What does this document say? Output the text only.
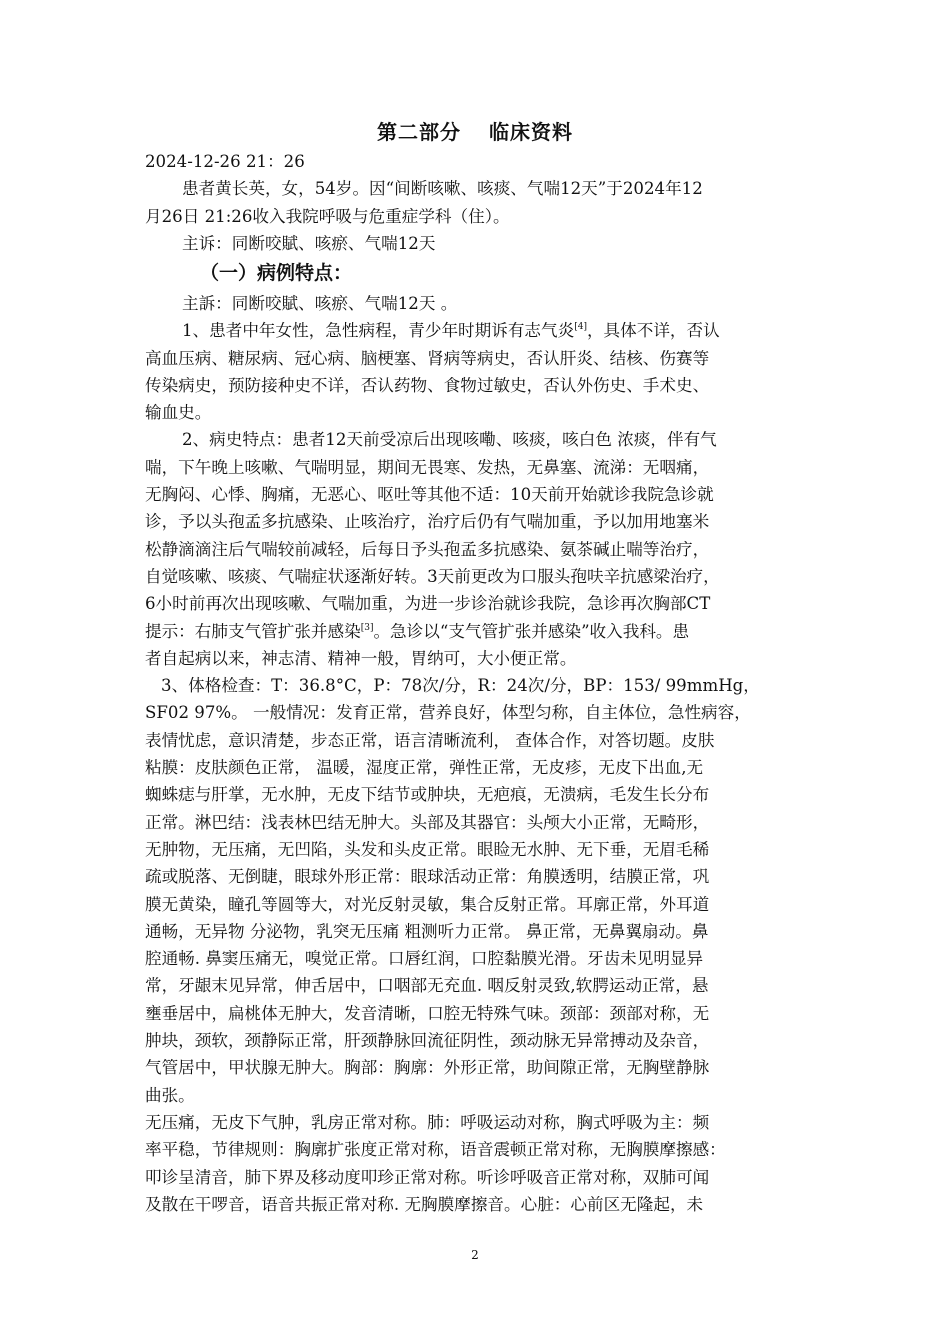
第二部分 临床资料
2024-12-26 21：26
患者黄长英，女，54岁。因“间断咳嗽、咳痰、气喘12天”于2024年12
月26日 21:26收入我院呼吸与危重症学科（住）。
主诉：同断咬賦、咳瘀、气喘12天
（一）病例特点：
主訴：同断咬賦、咳瘀、气喘12天 。
1、患者中年女性，急性病程，青少年时期诉有志气炎[4]，具体不详，否认
高血压病、糖尿病、冠心病、脑梗塞、肾病等病史，否认肝炎、结核、伤赛等
传染病史，预防接种史不详，否认药物、食物过敏史，否认外伤史、手术史、
输血史。
2、病史特点：患者12天前受凉后出现咳嘞、咳痰，咳白色 浓痰，伴有气
喘，下午晚上咳嗽、气喘明显，期间无畏寒、发热，无鼻塞、流涕：无咽痛，
无胸闷、心悸、胸痛，无恶心、呕吐等其他不适：10天前开始就诊我院急诊就
诊，予以头孢孟多抗感染、止咳治疗，治疗后仍有气喘加重，予以加用地塞米
松静滴滴注后气喘较前减轻，后每日予头孢孟多抗感染、氨茶碱止喘等治疗，
自觉咳嗽、咳痰、气喘症状逐渐好转。3天前更改为口服头孢呋辛抗感梁治疗，
6小时前再次出现咳嗽、气喘加重，为进一步诊治就诊我院，急诊再次胸部CT
提示：右肺支气管扩张并感染[3]。急诊以“支气管扩张并感染”收入我科。患
者自起病以来，神志清、精神一般，胃纳可，大小便正常。
3、体格检查：T：36.8°C，P：78次/分，R：24次/分，BP：153/ 99mmHg，
SF02 97%。 一般情况：发育正常，营养良好，体型匀称，自主体位，急性病容，
表情忧虑，意识清楚，步态正常，语言清晰流利， 查体合作，对答切题。皮肤
粘膜：皮肤颜色正常， 温暖，湿度正常，弹性正常，无皮疹，无皮下出血,无
蜘蛛痣与肝掌，无水肿，无皮下结节或肿块，无疤痕，无溃病，毛发生长分布
正常。淋巴结：浅表林巴结无肿大。头部及其器官：头颅大小正常，无畸形，
无肿物，无压痛，无凹陷，头发和头皮正常。眼睑无水肿、无下垂，无眉毛稀
疏或脱落、无倒睫，眼球外形正常：眼球活动正常：角膜透明，结膜正常，巩
膜无黄染，瞳孔等圆等大，对光反射灵敏，集合反射正常。耳廓正常，外耳道
通畅，无异物 分泌物，乳突无压痛 粗测听力正常。 鼻正常，无鼻翼扇动。鼻
腔通畅. 鼻窦压痛无，嗅觉正常。口唇红润，口腔黏膜光滑。牙齿未见明显异
常，牙龈末见异常，伸舌居中，口咽部无充血. 咽反射灵致,软腭运动正常，悬
壅垂居中，扁桃体无肿大，发音清晰，口腔无特殊气味。颈部：颈部对称，无
肿块，颈软，颈静际正常，肝颈静脉回流征阴性，颈动脉无异常搏动及杂音，
气管居中，甲状腺无肿大。胸部：胸廓：外形正常，助间隙正常，无胸壁静脉
曲张。
无压痛，无皮下气肿，乳房正常对称。肺：呼吸运动对称，胸式呼吸为主：频
率平稳，节律规则：胸廓扩张度正常对称，语音震顿正常对称，无胸膜摩擦感：
叩诊呈清音，肺下界及移动度叩珍正常对称。听诊呼吸音正常对称，双肺可闻
及散在干啰音，语音共振正常对称. 无胸膜摩擦音。心脏：心前区无隆起，未
2
